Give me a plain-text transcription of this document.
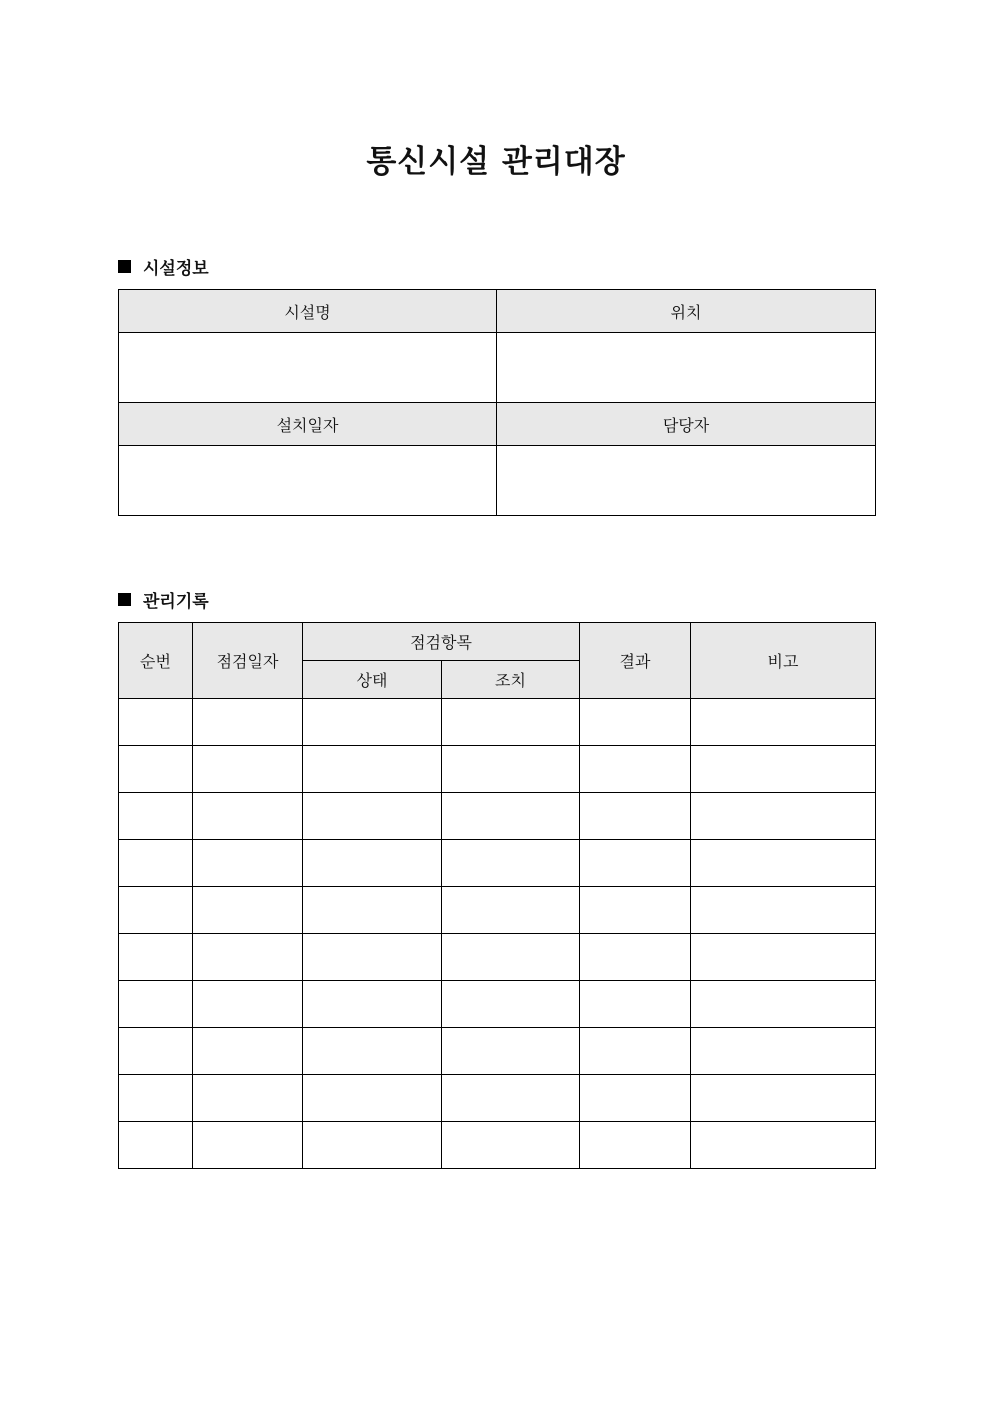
통신시설 관리대장
시설정보
시설명	위치

설치일자	담당자

관리기록
순번	점검일자	점검항목		결과	비고
		상태	조치		
